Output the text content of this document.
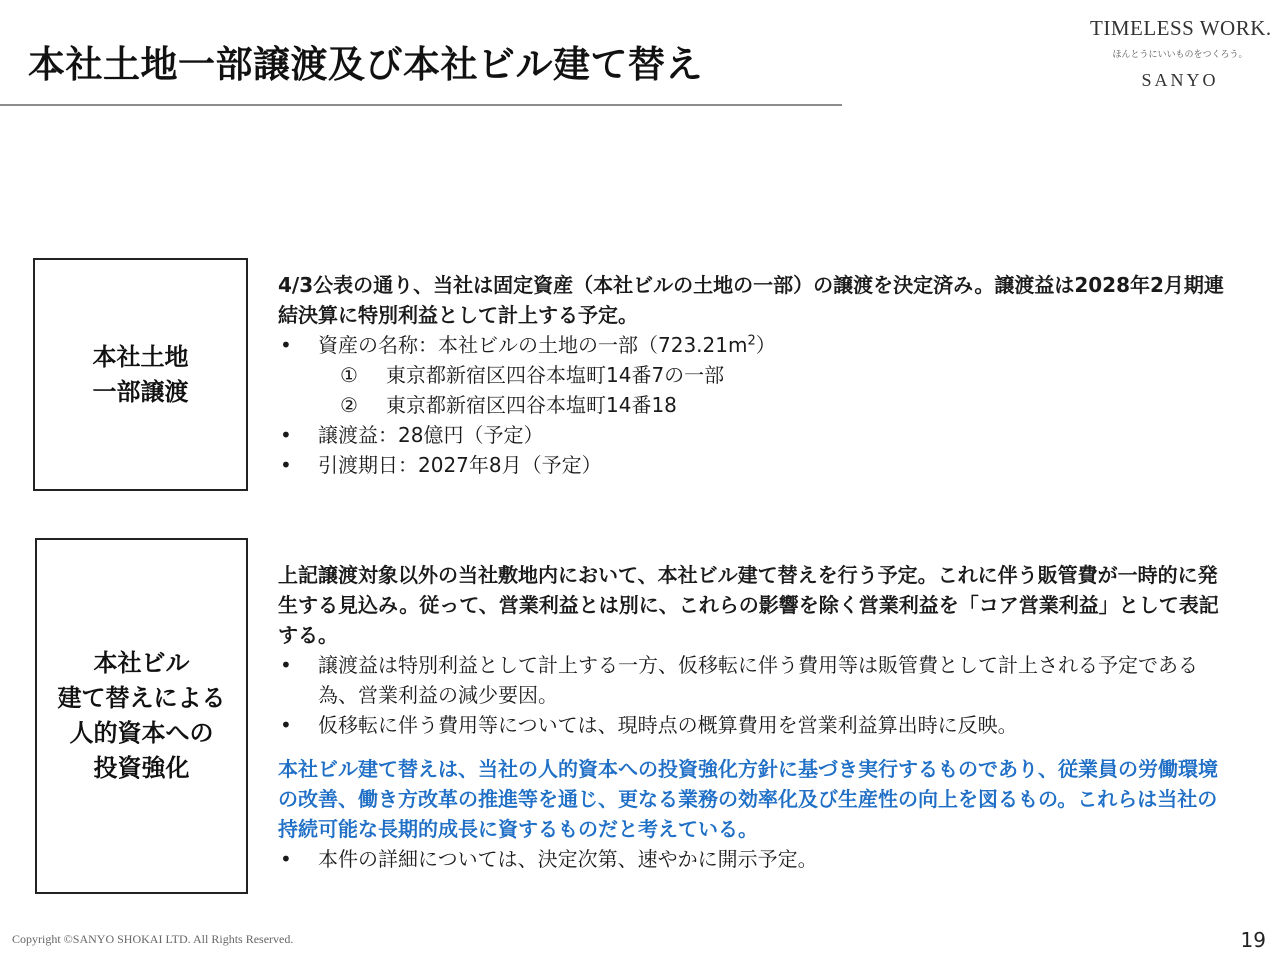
本社土地一部譲渡及び本社ビル建て替え
TIMELESS WORK.
ほんとうにいいものをつくろう。
SANYO
本社土地
一部譲渡

4/3公表の通り、当社は固定資産（本社ビルの土地の一部）の譲渡を決定済み。譲渡益は2028年2月期連結決算に特別利益として計上する予定。

• 資産の名称：本社ビルの土地の一部$(723.21m^2)$
① 東京都新宿区四谷本塩町14番7の一部
② 東京都新宿区四谷本塩町14番18
• 譲渡益：28億円（予定）
• 引渡期日：2027年8月（予定）
本社ビル
建て替えによる
人的資本への
投資強化

上記譲渡対象以外の当社敷地内において、本社ビル建て替えを行う予定。これに伴う販管費が一時的に発生する見込み。従って、営業利益とは別に、これらの影響を除く営業利益を「コア営業利益」として表記する。

• 譲渡益は特別利益として計上する一方、仮移転に伴う費用等は販管費として計上される予定である為、営業利益の減少要因。
• 仮移転に伴う費用等については、現時点の概算費用を営業利益算出時に反映。

本社ビル建て替えは、当社の人的資本への投資強化方針に基づき実行するものであり、従業員の労働環境の改善、働き方改革の推進等を通じ、更なる業務の効率化及び生産性の向上を図るもの。これらは当社の持続可能な長期的成長に資するものだと考えている。

• 本件の詳細については、決定次第、速やかに開示予定。
Copyright ©SANYO SHOKAI LTD. All Rights Reserved.	19
